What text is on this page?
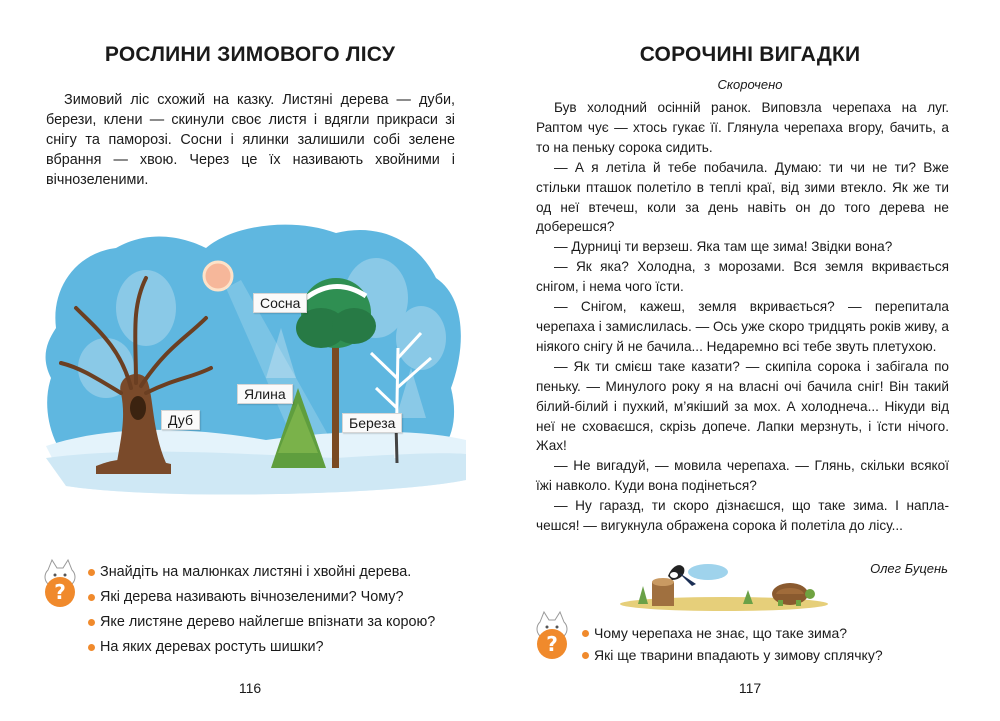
РОСЛИНИ ЗИМОВОГО ЛІСУ

Зимовий ліс схожий на казку. Листяні дерева — дуби, берези, клени — скинули своє листя і вдягли прикраси зі снігу та паморозі. Сосни і ялинки залишили собі зелене вбрання — хвою. Через це їх називають хвойними і вічнозеленими.

Сосна
Ялина
Дуб	Береза
?
Знайдіть на малюнках листяні і хвойні дерева.
Які дерева називають вічнозеленими? Чому?
Яке листяне дерево найлегше впізнати за корою?
На яких деревах ростуть шишки?
116
СОРОЧИНІ ВИГАДКИ
Скорочено

Був холодний осінній ранок. Виповзла черепаха на луг. Раптом чує — хтось гукає її. Глянула черепаха вгору, бачить, а то на пеньку сорока сидить.

— А я летіла й тебе побачила. Думаю: ти чи не ти? Вже стільки пташок полетіло в теплі краї, від зими втекло. Як же ти од неї втечеш, коли за день навіть он до того дерева не доберешся?

— Дурниці ти верзеш. Яка там ще зима! Звідки вона?

— Як яка? Холодна, з морозами. Вся земля вкривається снігом, і нема чого їсти.

— Снігом, кажеш, земля вкривається? — перепитала черепаха і замислилась. — Ось уже скоро тридцять років живу, а ніякого снігу й не бачила... Недаремно всі тебе звуть плетухою.

— Як ти смієш таке казати? — скипіла сорока і забігала по пеньку. — Минулого року я на власні очі бачила сніг! Він такий білий-білий і пухкий, м’якіший за мох. А холоднеча... Нікуди від неї не сховаєшся, скрізь допече. Лапки мерзнуть, і їсти нічого. Жах!

— Не вигадуй, — мовила черепаха. — Глянь, скільки всякої їжі навколо. Куди вона подінеться?

— Ну гаразд, ти скоро дізнаєшся, що таке зима. І напла-чешся! — вигукнула ображена сорока й полетіла до лісу...

Олег Буцень
?	Чому черепаха не знає, що таке зима?
Які ще тварини впадають у зимову сплячку?
117
